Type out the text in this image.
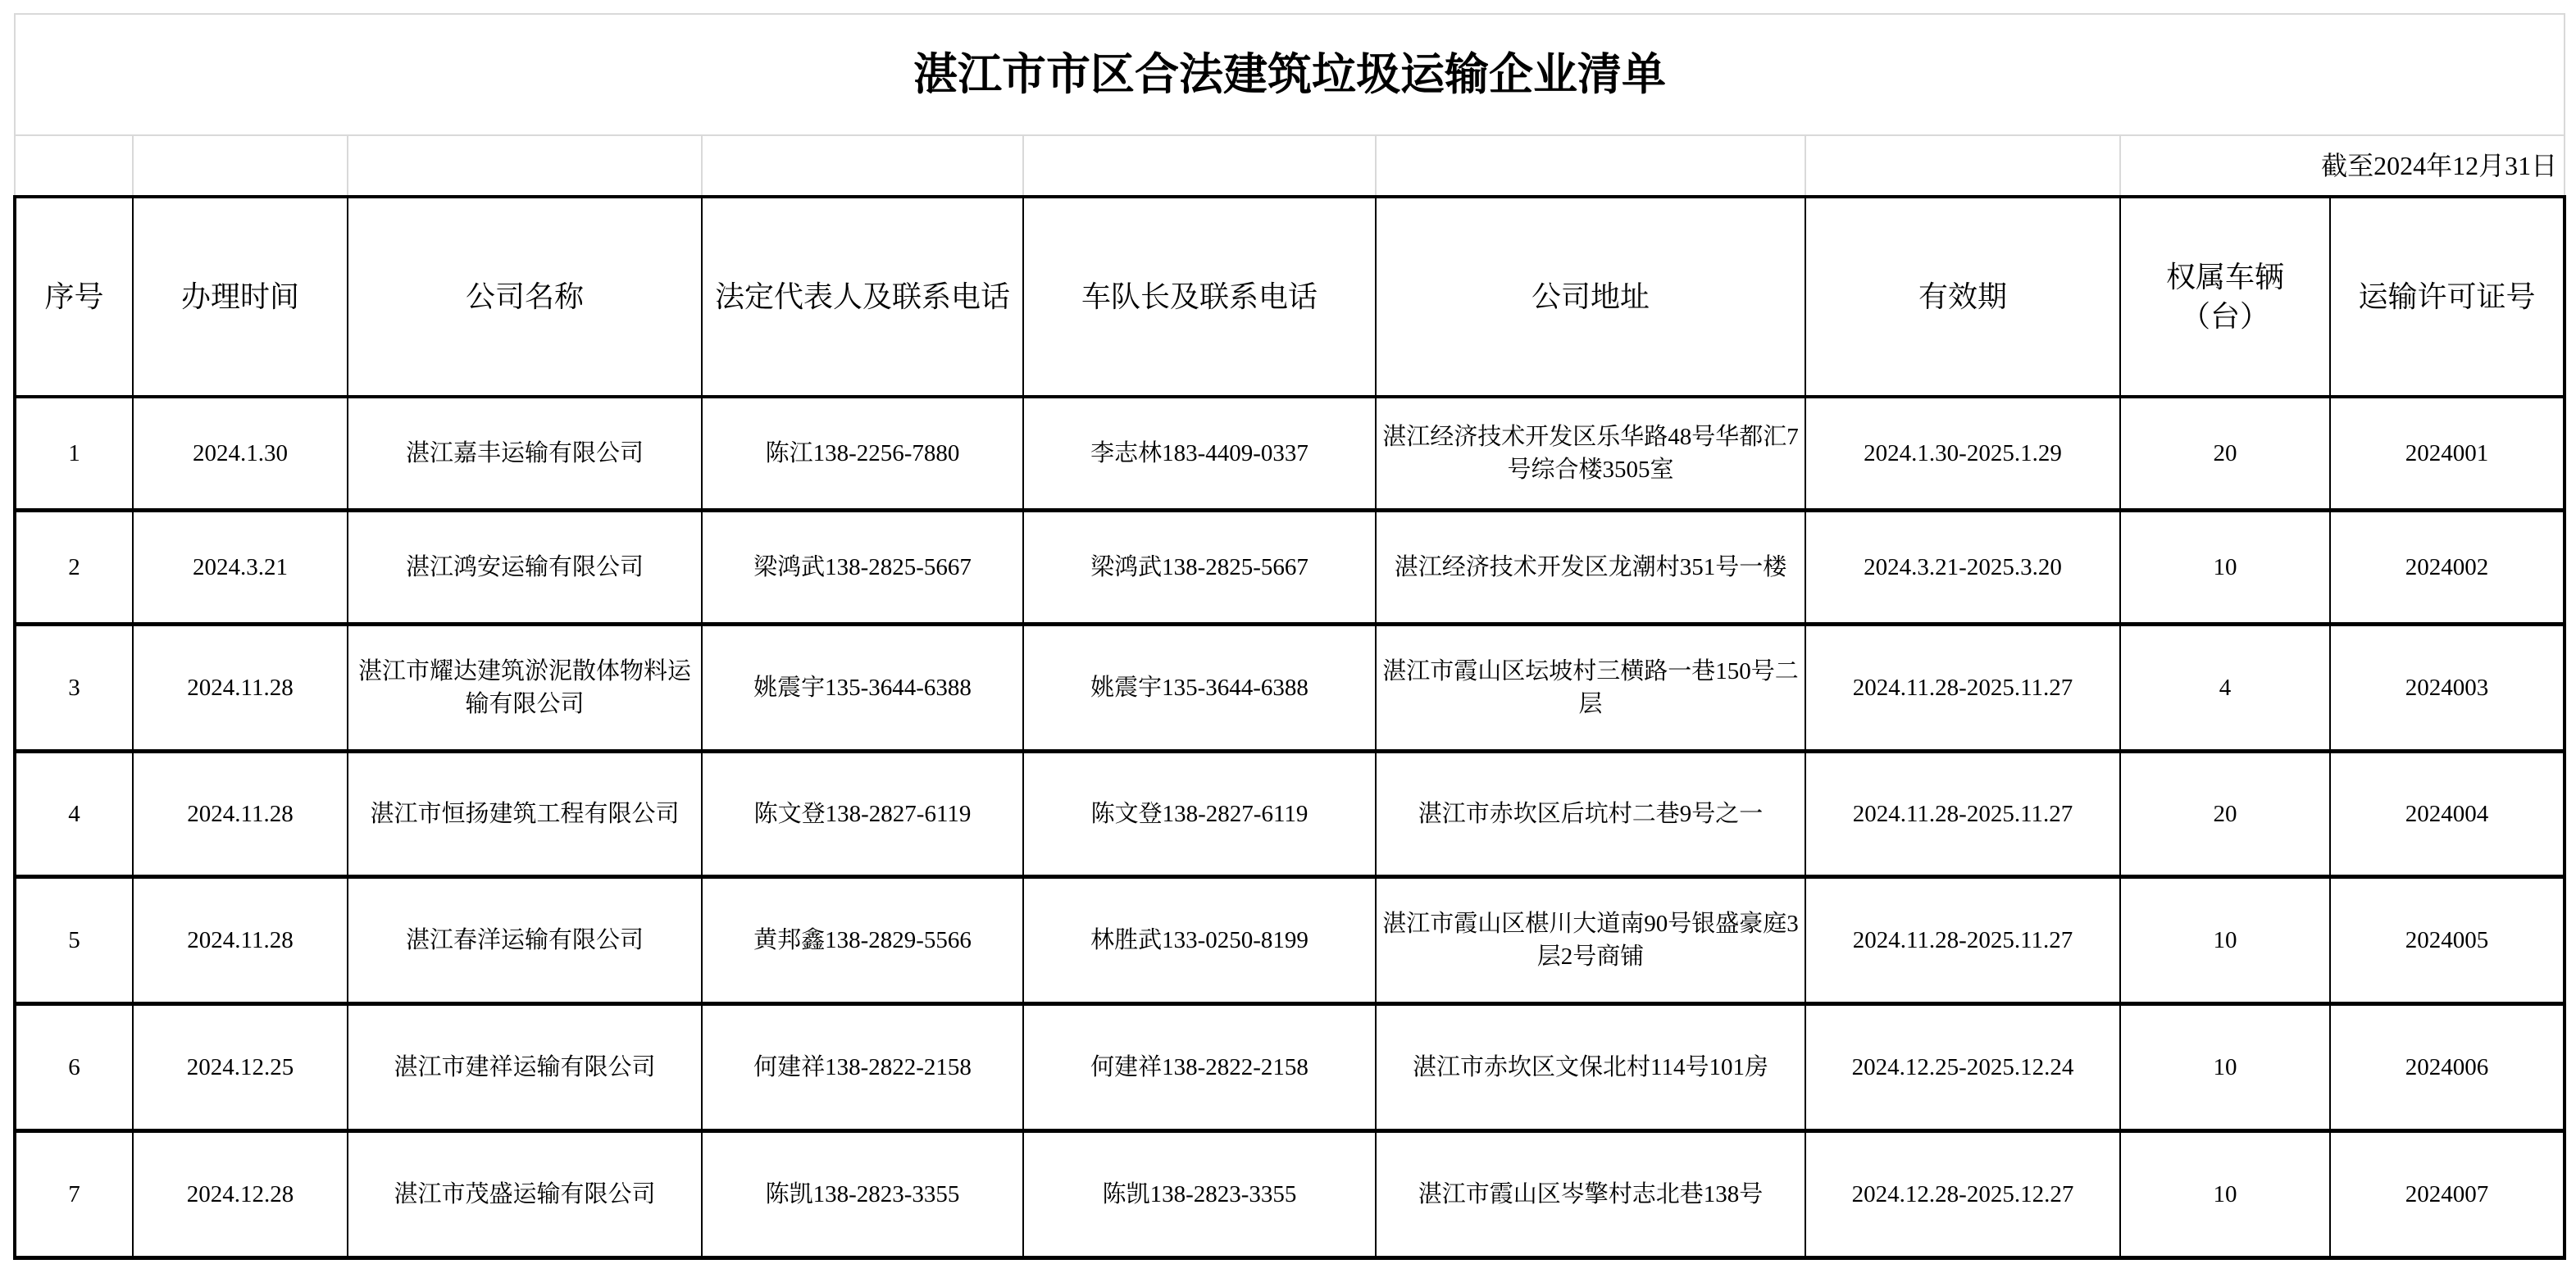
湛江市市区合法建筑垃圾运输企业清单								
							截至2024年12月31日	
序号	办理时间	公司名称	法定代表人及联系电话	车队长及联系电话	公司地址	有效期	权属车辆（台）	运输许可证号
1	2024.1.30	湛江嘉丰运输有限公司	陈江138-2256-7880	李志林183-4409-0337	湛江经济技术开发区乐华路48号华都汇7号综合楼3505室	2024.1.30-2025.1.29	20	2024001
2	2024.3.21	湛江鸿安运输有限公司	梁鸿武138-2825-5667	梁鸿武138-2825-5667	湛江经济技术开发区龙潮村351号一楼	2024.3.21-2025.3.20	10	2024002
3	2024.11.28	湛江市耀达建筑淤泥散体物料运输有限公司	姚震宇135-3644-6388	姚震宇135-3644-6388	湛江市霞山区坛坡村三横路一巷150号二层	2024.11.28-2025.11.27	4	2024003
4	2024.11.28	湛江市恒扬建筑工程有限公司	陈文登138-2827-6119	陈文登138-2827-6119	湛江市赤坎区后坑村二巷9号之一	2024.11.28-2025.11.27	20	2024004
5	2024.11.28	湛江春洋运输有限公司	黄邦鑫138-2829-5566	林胜武133-0250-8199	湛江市霞山区椹川大道南90号银盛豪庭3层2号商铺	2024.11.28-2025.11.27	10	2024005
6	2024.12.25	湛江市建祥运输有限公司	何建祥138-2822-2158	何建祥138-2822-2158	湛江市赤坎区文保北村114号101房	2024.12.25-2025.12.24	10	2024006
7	2024.12.28	湛江市茂盛运输有限公司	陈凯138-2823-3355	陈凯138-2823-3355	湛江市霞山区岑擎村志北巷138号	2024.12.28-2025.12.27	10	2024007
